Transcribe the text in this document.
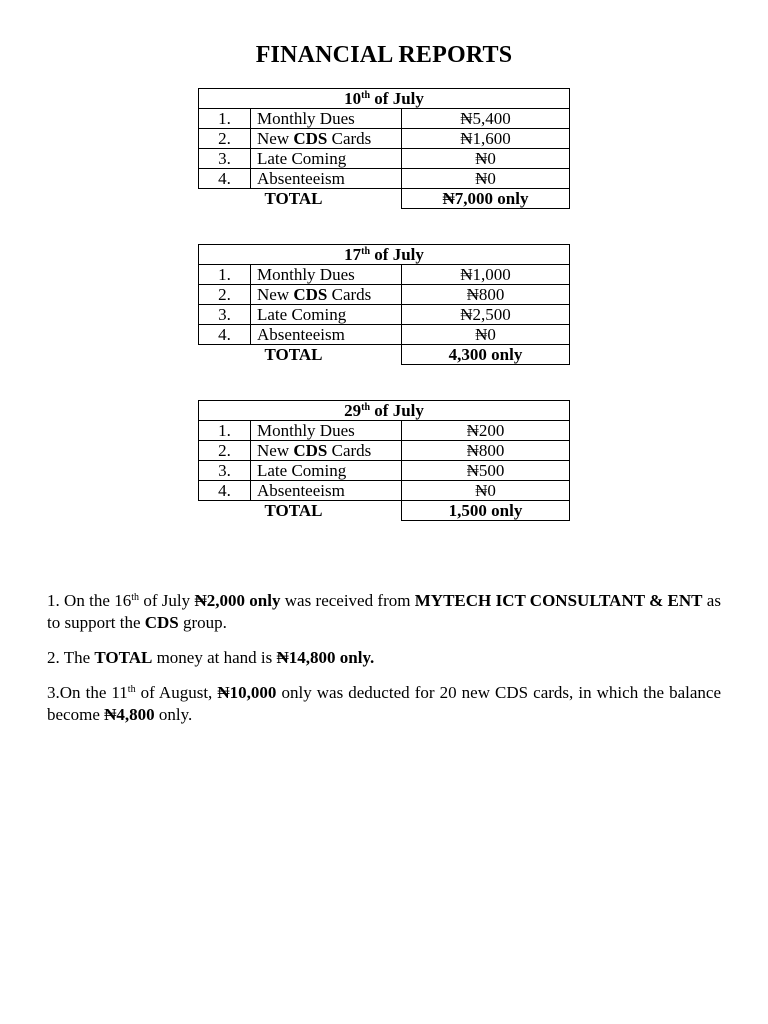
FINANCIAL REPORTS
10th of July		
1.	Monthly Dues	₦5,400
2.	New CDS Cards	₦1,600
3.	Late Coming	₦0
4.	Absenteeism	₦0
TOTAL		₦7,000 only
17th of July		
1.	Monthly Dues	₦1,000
2.	New CDS Cards	₦800
3.	Late Coming	₦2,500
4.	Absenteeism	₦0
TOTAL		4,300 only
29th of July		
1.	Monthly Dues	₦200
2.	New CDS Cards	₦800
3.	Late Coming	₦500
4.	Absenteeism	₦0
TOTAL		1,500 only

1. On the 16th of July ₦2,000 only was received from MYTECH ICT CONSULTANT & ENT as to support the CDS group.

2. The TOTAL money at hand is ₦14,800 only.

3.On the 11th of August, ₦10,000 only was deducted for 20 new CDS cards, in which the balance become ₦4,800 only.
